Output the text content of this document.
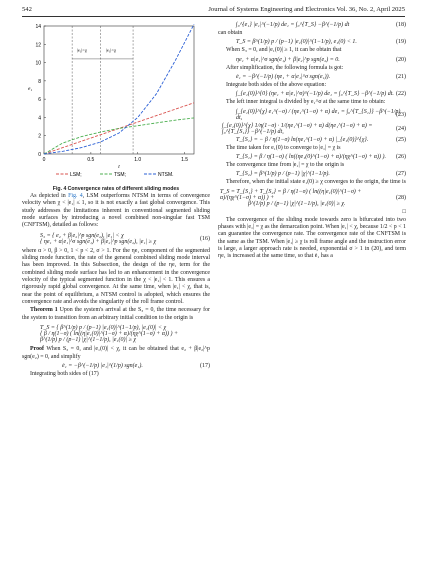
542	Journal of Systems Engineering and Electronics Vol. 36, No. 2, April 2025
0
2
4
6
8
10
12
14
0	0.5	1.0	1.5
e₁
t
|e₁|>χ	|e₁|<χ
LSM;	TSM;	NTSM.
Fig. 4 Convergence rates of different sliding modes

As depicted in Fig. 4, LSM outperforms NTSM in terms of convergence velocity when χ < |e₁| ≤ 1, so it is not exactly a fast global convergence. This study addresses the limitations inherent in conventional segmented sliding mode surfaces by introducing a novel combined non-singular fast TSM (CNFTSM), detailed as follows:

S₃ = { e₂ + β|e₂|^p sgn(e₂), |e₁| < χ
{ ηe₁ + α|e₁|^σ sgn(e₁) + β|e₂|^p sgn(e₂), |e₁| ≥ χ	(16)

where α > 0, β > 0, 1 < p < 2, σ > 1. For the ηe₁ component of the segmented sliding mode function, the rate of the general combined sliding mode interval has been improved. In this Subsection, the design of the ηe₁ term for the combined sliding mode surface has led to an enhancement in the convergence velocity of the typical segmented function in the χ < |e₁| < 1. This ensures a rigorously rapid global convergence. At the same time, when |e₁| < χ, that is, near the point of equilibrium, a NTSM control is adopted, which ensures the convergence rate and avoids the singularity of the roll frame control.

Theorem 1 Upon the system's arrival at the S₃ = 0, the time necessary for the system to transition from an arbitrary initial condition to the origin is

T_S = { β^(1/p) p / (p−1) |e₁(0)|^(1−1/p), |e₁(0)| < χ
{ β / η(1−σ) ( ln((η|e₁(0)|^(1−σ) + α)/(ηχ^(1−σ) + α)) ) +
β^(1/p) p / (p−1) |χ|^(1−1/p), |e₁(0)| ≥ χ

Proof When S₃ = 0, and |e₁(0)| < χ, it can be obtained that e₂ + β|e₂|^p sgn(e₂) = 0, and simplify

ė₁ = −β^(−1/p) |e₁|^(1/p) sgn(e₁).	(17)

Integrating both sides of (17)

∫₀^{e₁} |e₁|^(−1/p) de₁ = ∫₀^{T_S} −β^(−1/p) dt	(18)

can obtain

T_S = β^(1/p) p / (p−1) |e₁(0)|^(1−1/p), e₁(0) < 1.	(19)

When S₃ = 0, and |e₁(0)| ≥ 1, it can be obtain that

ηe₁ + α|e₁|^σ sgn(e₁) + β|e₂|^p sgn(e₂) = 0.	(20)

After simplification, the following formula is got:

ė₁ = −β^(−1/p) (ηe₁ + α|e₁|^σ sgn(e₁)).	(21)

Integrate both sides of the above equation:

∫_{e₁(0)}^{0} (ηe₁ + α|e₁|^σ)^(−1/p) de₁ = ∫₀^{T_S} −β^(−1/p) dt. (22)

The left inner integral is divided by e₁^σ at the same time to obtain:

∫_{e₁(0)}^{χ} e₁^(−σ) / (ηe₁^(1−σ) + α) de₁ = ∫₀^{T_{S₁}} −β^(−1/p) dt,	(23)
∫_{e₁(0)}^{χ} 1/η(1−σ) · 1/(ηe₁^(1−σ) + α) d(ηe₁^(1−σ) + α) = ∫₀^{T_{S₁}} −β^(−1/p) dt,	(24)
T_{S₁} = − β / η(1−σ) ln(ηe₁^(1−σ) + α) |_{e₁(0)}^{χ}.	(25)

The time taken for e₁(0) to converge to |e₁| = χ is

T_{S₁} = β / η(1−σ) ( ln((ηe₁(0)^(1−σ) + α)/(ηχ^(1−σ) + α)) ).	(26)

The convergence time from |e₁| = χ to the origin is

T_{S₂} = β^(1/p) p / (p−1) |χ|^(1−1/p).	(27)

Therefore, when the initial state e₁(0) ≥ χ converges to the origin, the time is

T_S = T_{S₁} + T_{S₂} = β / η(1−σ) ( ln((η|e₁(0)|^(1−σ) + α)/(ηχ^(1−σ) + α)) ) +
β^(1/p) p / (p−1) |χ|^(1−1/p), |e₁(0)| ≥ χ.
(28)
□

The convergence of the sliding mode towards zero is bifurcated into two phases with |e₁| = χ as the demarcation point. When |e₁| < χ, because 1/2 < p < 1 can guarantee the convergence rate. The convergence rate of the CNFTSM is the same as the TSM. When |e₁| ≥ χ is roll frame angle and the instruction error is large, a larger approach rate is needed, exponential σ > 1 in (20), and term ηe₁ is increased at the same time, so that ė₁ has a
